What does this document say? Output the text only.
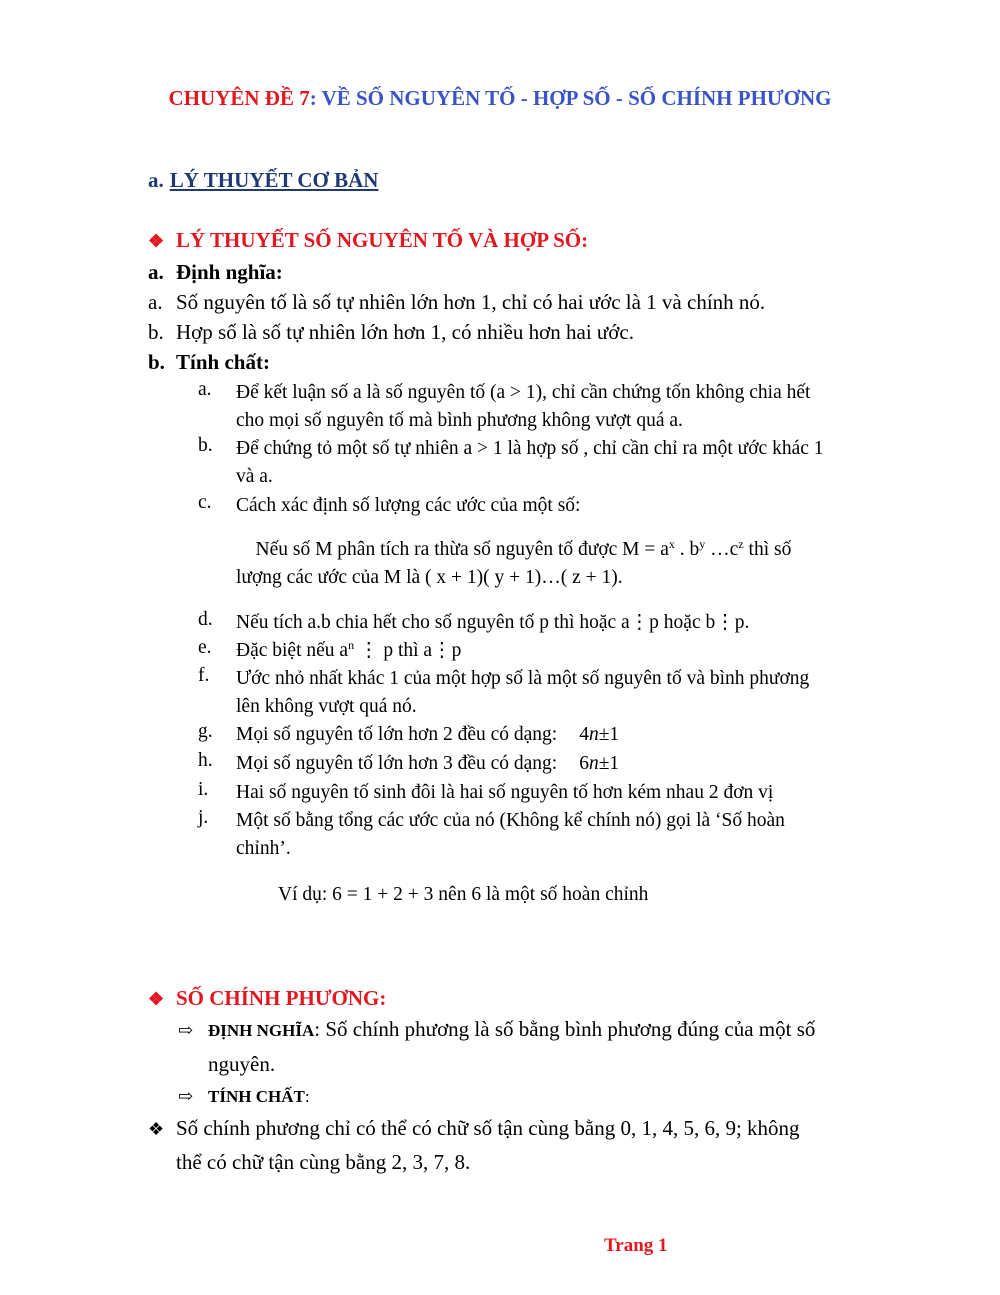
CHUYÊN ĐỀ 7: VỀ SỐ NGUYÊN TỐ - HỢP SỐ - SỐ CHÍNH PHƯƠNG
a. LÝ THUYẾT CƠ BẢN
❖ LÝ THUYẾT SỐ NGUYÊN TỐ VÀ HỢP SỐ:
a. Định nghĩa:
a. Số nguyên tố là số tự nhiên lớn hơn 1, chỉ có hai ước là 1 và chính nó.
b. Hợp số là số tự nhiên lớn hơn 1, có nhiều hơn hai ước.
b. Tính chất:
a. Để kết luận số a là số nguyên tố (a > 1), chỉ cần chứng tốn không chia hết
cho mọi số nguyên tố mà bình phương không vượt quá a.
b. Để chứng tỏ một số tự nhiên a > 1 là hợp số , chỉ cần chỉ ra một ước khác 1
và a.
c. Cách xác định số lượng các ước của một số:
Nếu số M phân tích ra thừa số nguyên tố được $M = a^x$ . $b^y$ $\dots c^z$ thì số
lượng các ước của M là ( x + 1)( y + 1)…( z + 1).
d. Nếu tích a.b chia hết cho số nguyên tố p thì hoặc a⋮p hoặc b⋮p.
e. Đặc biệt nếu $a^n$ ⋮ p thì a⋮p
f. Ước nhỏ nhất khác 1 của một hợp số là một số nguyên tố và bình phương
lên không vượt quá nó.
g. Mọi số nguyên tố lớn hơn 2 đều có dạng: 4n±1
h. Mọi số nguyên tố lớn hơn 3 đều có dạng: 6n±1
i. Hai số nguyên tố sinh đôi là hai số nguyên tố hơn kém nhau 2 đơn vị
j. Một số bằng tổng các ước của nó (Không kể chính nó) gọi là ‘Số hoàn
chỉnh’.
Ví dụ: 6 = 1 + 2 + 3 nên 6 là một số hoàn chỉnh
❖ SỐ CHÍNH PHƯƠNG:
⇨ ĐỊNH NGHĨA: Số chính phương là số bằng bình phương đúng của một số
nguyên.
⇨ TÍNH CHẤT:
❖ Số chính phương chỉ có thể có chữ số tận cùng bằng 0, 1, 4, 5, 6, 9; không
thể có chữ tận cùng bằng 2, 3, 7, 8.
Trang 1
